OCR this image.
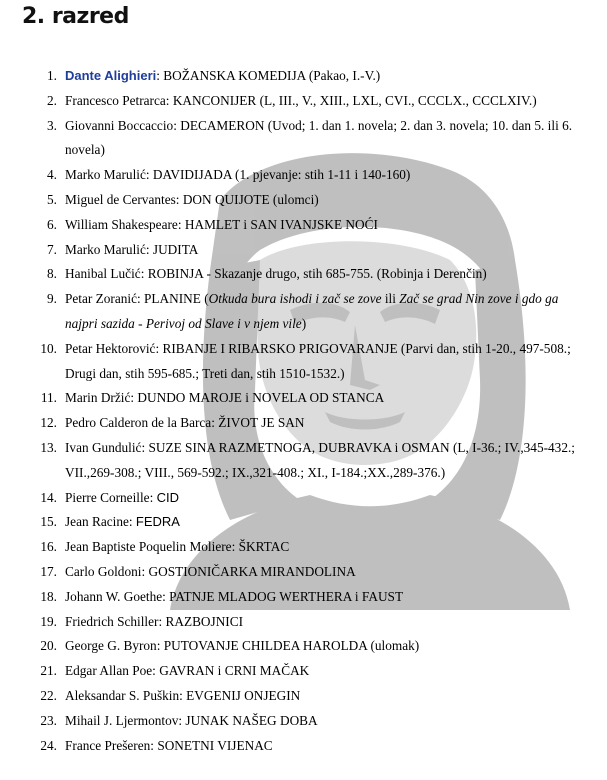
2. razred
1. Dante Alighieri: BOŽANSKA KOMEDIJA (Pakao, I.-V.)
2. Francesco Petrarca: KANCONIJER (L, III., V., XIII., LXL, CVI., CCCLX., CCCLXIV.)
3. Giovanni Boccaccio: DECAMERON (Uvod; 1. dan 1. novela; 2. dan 3. novela; 10. dan 5. ili 6. novela)
4. Marko Marulić: DAVIDIJADA (1. pjevanje: stih 1-11 i 140-160)
5. Miguel de Cervantes: DON QUIJOTE (ulomci)
6. William Shakespeare: HAMLET i SAN IVANJSKE NOĆI
7. Marko Marulić: JUDITA
8. Hanibal Lučić: ROBINJA - Skazanje drugo, stih 685-755. (Robinja i Derenčin)
9. Petar Zoranić: PLANINE (Otkuda bura ishodi i zač se zove ili Zač se grad Nin zove i gdo ga najpri sazida - Perivoj od Slave i v njem vile)
10. Petar Hektorović: RIBANJE I RIBARSKO PRIGOVARANJE (Parvi dan, stih 1-20., 497-508.; Drugi dan, stih 595-685.; Treti dan, stih 1510-1532.)
11. Marin Držić: DUNDO MAROJE i NOVELA OD STANCA
12. Pedro Calderon de la Barca: ŽIVOT JE SAN
13. Ivan Gundulić: SUZE SINA RAZMETNOGA, DUBRAVKA i OSMAN (L, I-36.; IV.,345-432.; VII.,269-308.; VIII., 569-592.; IX.,321-408.; XI., I-184.;XX.,289-376.)
14. Pierre Corneille: CID
15. Jean Racine: FEDRA
16. Jean Baptiste Poquelin Moliere: ŠKRTAC
17. Carlo Goldoni: GOSTIONIČARKA MIRANDOLINA
18. Johann W. Goethe: PATNJE MLADOG WERTHERA i FAUST
19. Friedrich Schiller: RAZBOJNICI
20. George G. Byron: PUTOVANJE CHILDEA HAROLDA (ulomak)
21. Edgar Allan Poe: GAVRAN i CRNI MAČAK
22. Aleksandar S. Puškin: EVGENIJ ONJEGIN
23. Mihail J. Ljermontov: JUNAK NAŠEG DOBA
24. France Prešeren: SONETNI VIJENAC
